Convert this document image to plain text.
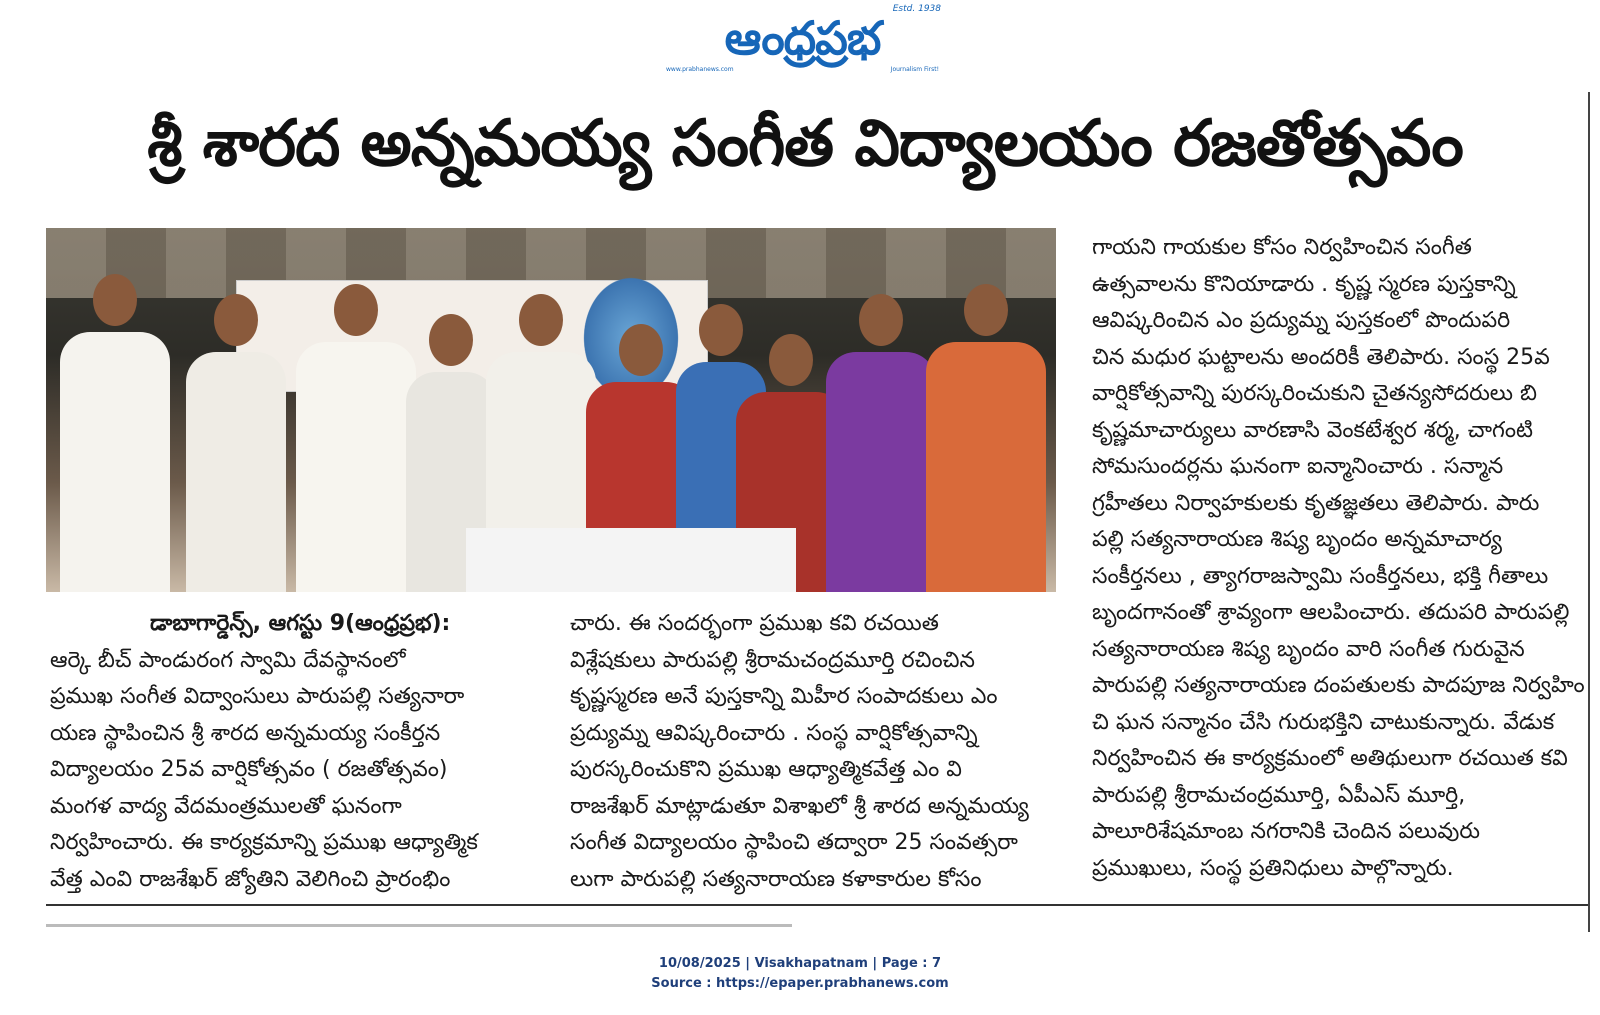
Estd. 1938
ఆంధ్రప్రభ
www.prabhanews.com	Journalism First!
శ్రీ శారద అన్నమయ్య సంగీత విద్యాలయం రజతోత్సవం

గాయని గాయకుల కోసం నిర్వహించిన సంగీత

ఉత్సవాలను కొనియాడారు . కృష్ణ స్మరణ పుస్తకాన్ని

ఆవిష్కరించిన ఎం ప్రద్యుమ్న పుస్తకంలో పొందుపరి

చిన మధుర ఘట్టాలను అందరికీ తెలిపారు. సంస్థ 25వ

వార్షికోత్సవాన్ని పురస్కరించుకుని చైతన్యసోదరులు బి

కృష్ణమాచార్యులు వారణాసి వెంకటేశ్వర శర్మ, చాగంటి

సోమసుందర్లను ఘనంగా ఐన్మానించారు . సన్మాన

గ్రహీతలు నిర్వాహకులకు కృతజ్ఞతలు తెలిపారు. పారు

పల్లి సత్యనారాయణ శిష్య బృందం అన్నమాచార్య

సంకీర్తనలు , త్యాగరాజస్వామి సంకీర్తనలు, భక్తి గీతాలు

బృందగానంతో శ్రావ్యంగా ఆలపించారు. తదుపరి పారుపల్లి

సత్యనారాయణ శిష్య బృందం వారి సంగీత గురువైన

పారుపల్లి సత్యనారాయణ దంపతులకు పాదపూజ నిర్వహిం

చి ఘన సన్మానం చేసి గురుభక్తిని చాటుకున్నారు. వేడుక

నిర్వహించిన ఈ కార్యక్రమంలో అతిథులుగా రచయిత కవి

పారుపల్లి శ్రీరామచంద్రమూర్తి, ఏపీఎస్ మూర్తి,

పాలూరిశేషమాంబ నగరానికి చెందిన పలువురు

ప్రముఖులు, సంస్థ ప్రతినిధులు పాల్గొన్నారు.

డాబాగార్డెన్స్, ఆగస్టు 9(ఆంధ్రప్రభ):

ఆర్కె బీచ్ పాండురంగ స్వామి దేవస్థానంలో

ప్రముఖ సంగీత విద్వాంసులు పారుపల్లి సత్యనారా

యణ స్థాపించిన శ్రీ శారద అన్నమయ్య సంకీర్తన

విద్యాలయం 25వ వార్షికోత్సవం ( రజతోత్సవం)

మంగళ వాద్య వేదమంత్రములతో ఘనంగా

నిర్వహించారు. ఈ కార్యక్రమాన్ని ప్రముఖ ఆధ్యాత్మిక

వేత్త ఎంవి రాజశేఖర్ జ్యోతిని వెలిగించి ప్రారంభిం

చారు. ఈ సందర్భంగా ప్రముఖ కవి రచయిత

విశ్లేషకులు పారుపల్లి శ్రీరామచంద్రమూర్తి రచించిన

కృష్ణస్మరణ అనే పుస్తకాన్ని మిహీర సంపాదకులు ఎం

ప్రద్యుమ్న ఆవిష్కరించారు . సంస్థ వార్షికోత్సవాన్ని

పురస్కరించుకొని ప్రముఖ ఆధ్యాత్మికవేత్త ఎం వి

రాజశేఖర్ మాట్లాడుతూ విశాఖలో శ్రీ శారద అన్నమయ్య

సంగీత విద్యాలయం స్థాపించి తద్వారా 25 సంవత్సరా

లుగా పారుపల్లి సత్యనారాయణ కళాకారుల కోసం

10/08/2025 | Visakhapatnam | Page : 7
Source : https://epaper.prabhanews.com
